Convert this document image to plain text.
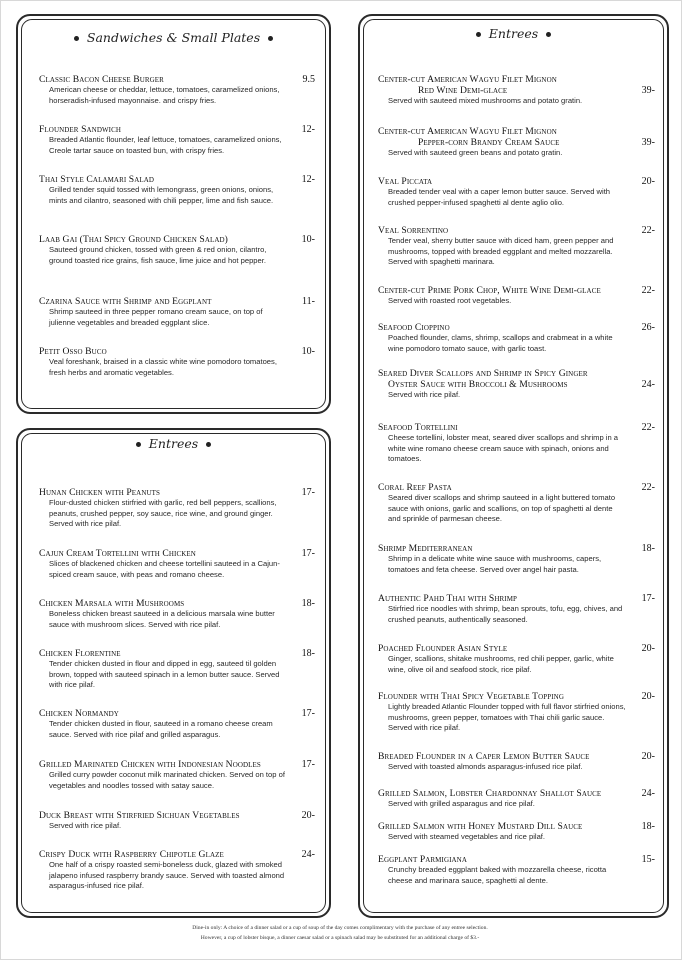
Sandwiches & Small Plates
Classic Bacon Cheese Burger	9.5
American cheese or cheddar, lettuce, tomatoes, caramelized onions, horseradish-infused mayonnaise. and crispy fries.
Flounder Sandwich	12-
Breaded Atlantic flounder, leaf lettuce, tomatoes, caramelized onions, Creole tartar sauce on toasted bun, with crispy fries.
Thai Style Calamari Salad	12-
Grilled tender squid tossed with lemongrass, green onions, onions, mints and cilantro, seasoned with chili pepper, lime and fish sauce.
Laab Gai (Thai Spicy Ground Chicken Salad)	10-
Sauteed ground chicken, tossed with green & red onion, cilantro, ground toasted rice grains, fish sauce, lime juice and hot pepper.
Czarina Sauce with Shrimp and Eggplant	11-
Shrimp sauteed in three pepper romano cream sauce, on top of julienne vegetables and breaded eggplant slice.
Petit Osso Buco	10-
Veal foreshank, braised in a classic white wine pomodoro tomatoes, fresh herbs and aromatic vegetables.
Entrees
Hunan Chicken with Peanuts	17-
Flour-dusted chicken stirfried with garlic, red bell peppers, scallions, peanuts, crushed pepper, soy sauce, rice wine, and ground ginger. Served with rice pilaf.
Cajun Cream Tortellini with Chicken	17-
Slices of blackened chicken and cheese tortellini sauteed in a Cajun-spiced cream sauce, with peas and romano cheese.
Chicken Marsala with Mushrooms	18-
Boneless chicken breast sauteed in a delicious marsala wine butter sauce with mushroom slices. Served with rice pilaf.
Chicken Florentine	18-
Tender chicken dusted in flour and dipped in egg, sauteed til golden brown, topped with sauteed spinach in a lemon butter sauce. Served with rice pilaf.
Chicken Normandy	17-
Tender chicken dusted in flour, sauteed in a romano cheese cream sauce. Served with rice pilaf and grilled asparagus.
Grilled Marinated Chicken with Indonesian Noodles	17-
Grilled curry powder coconut milk marinated chicken. Served on top of vegetables and noodles tossed with satay sauce.
Duck Breast with Stirfried Sichuan Vegetables	20-
Served with rice pilaf.
Crispy Duck with Raspberry Chipotle Glaze	24-
One half of a crispy roasted semi-boneless duck, glazed with smoked jalapeno infused raspberry brandy sauce. Served with toasted almond asparagus-infused rice pilaf.
Entrees
Center-cut American Wagyu Filet Mignon
Red Wine Demi-glace	39-
Served with sauteed mixed mushrooms and potato gratin.
Center-cut American Wagyu Filet Mignon
Pepper-corn Brandy Cream Sauce	39-
Served with sauteed green beans and potato gratin.
Veal Piccata	20-
Breaded tender veal with a caper lemon butter sauce. Served with crushed pepper-infused spaghetti al dente aglio olio.
Veal Sorrentino	22-
Tender veal, sherry butter sauce with diced ham, green pepper and mushrooms, topped with breaded eggplant and melted mozzarella. Served with spaghetti marinara.
Center-cut Prime Pork Chop, White Wine Demi-glace	22-
Served with roasted root vegetables.
Seafood Cioppino	26-
Poached flounder, clams, shrimp, scallops and crabmeat in a white wine pomodoro tomato sauce, with garlic toast.
Seared Diver Scallops and Shrimp in Spicy Ginger
Oyster Sauce with Broccoli & Mushrooms	24-
Served with rice pilaf.
Seafood Tortellini	22-
Cheese tortellini, lobster meat, seared diver scallops and shrimp in a white wine romano cheese cream sauce with spinach, onions and tomatoes.
Coral Reef Pasta	22-
Seared diver scallops and shrimp sauteed in a light buttered tomato sauce with onions, garlic and scallions, on top of spaghetti al dente and sprinkle of parmesan cheese.
Shrimp Mediterranean	18-
Shrimp in a delicate white wine sauce with mushrooms, capers, tomatoes and feta cheese. Served over angel hair pasta.
Authentic Pahd Thai with Shrimp	17-
Stirfried rice noodles with shrimp, bean sprouts, tofu, egg, chives, and crushed peanuts, authentically seasoned.
Poached Flounder Asian Style	20-
Ginger, scallions, shitake mushrooms, red chili pepper, garlic, white wine, olive oil and seafood stock, rice pilaf.
Flounder with Thai Spicy Vegetable Topping	20-
Lightly breaded Atlantic Flounder topped with full flavor stirfried onions, mushrooms, green pepper, tomatoes with Thai chili garlic sauce. Served with rice pilaf.
Breaded Flounder in a Caper Lemon Butter Sauce	20-
Served with toasted almonds asparagus-infused rice pilaf.
Grilled Salmon, Lobster Chardonnay Shallot Sauce	24-
Served with grilled asparagus and rice pilaf.
Grilled Salmon with Honey Mustard Dill Sauce	18-
Served with steamed vegetables and rice pilaf.
Eggplant Parmigiana	15-
Crunchy breaded eggplant baked with mozzarella cheese, ricotta cheese and marinara sauce, spaghetti al dente.
Dine-in only: A choice of a dinner salad or a cup of soup of the day comes complimentary with the purchase of any entree selection.
However, a cup of lobster bisque, a dinner caesar salad or a spinach salad may be substituted for an additional charge of $3.-
